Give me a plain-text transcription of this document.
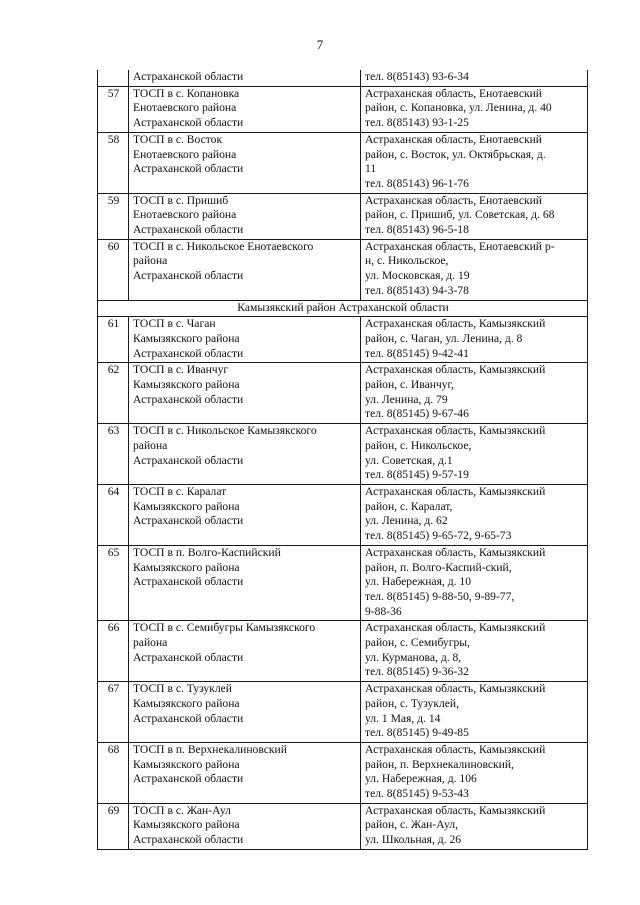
7

	Астраханской области	тел. 8(85143) 93-6-34

57	ТОСП в с. Копановка
Енотаевского района
Астраханской области	Астраханская область, Енотаевский
район, с. Копановка, ул. Ленина, д. 40
тел. 8(85143) 93-1-25

58	ТОСП в с. Восток
Енотаевского района
Астраханской области	Астраханская область, Енотаевский
район, с. Восток, ул. Октябрьская, д.
11
тел. 8(85143) 96-1-76

59	ТОСП в с. Пришиб
Енотаевского района
Астраханской области	Астраханская область, Енотаевский
район, с. Пришиб, ул. Советская, д. 68
тел. 8(85143) 96-5-18

60	ТОСП в с. Никольское Енотаевского
района
Астраханской области	Астраханская область, Енотаевский р-
н, с. Никольское,
ул. Московская, д. 19
тел. 8(85143) 94-3-78

Камызякский район Астраханской области		
61	ТОСП в с. Чаган
Камызякского района
Астраханской области	Астраханская область, Камызякский
район, с. Чаган, ул. Ленина, д. 8
тел. 8(85145) 9-42-41

62	ТОСП в с. Иванчуг
Камызякского района
Астраханской области	Астраханская область, Камызякский
район, с. Иванчуг,
ул. Ленина, д. 79
тел. 8(85145) 9-67-46

63	ТОСП в с. Никольское Камызякского
района
Астраханской области	Астраханская область, Камызякский
район, с. Никольское,
ул. Советская, д.1
тел. 8(85145) 9-57-19

64	ТОСП в с. Каралат
Камызякского района
Астраханской области	Астраханская область, Камызякский
район, с. Каралат,
ул. Ленина, д. 62
тел. 8(85145) 9-65-72, 9-65-73

65	ТОСП в п. Волго-Каспийский
Камызякского района
Астраханской области	Астраханская область, Камызякский
район, п. Волго-Каспий-ский,
ул. Набережная, д. 10
тел. 8(85145) 9-88-50, 9-89-77,
9-88-36

66	ТОСП в с. Семибугры Камызякского
района
Астраханской области	Астраханская область, Камызякский
район, с. Семибугры,
ул. Курманова, д. 8,
тел. 8(85145) 9-36-32

67	ТОСП в с. Тузуклей
Камызякского района
Астраханской области	Астраханская область, Камызякский
район, с. Тузуклей,
ул. 1 Мая, д. 14
тел. 8(85145) 9-49-85

68	ТОСП в п. Верхнекалиновский
Камызякского района
Астраханской области	Астраханская область, Камызякский
район, п. Верхнекалиновский,
ул. Набережная, д. 106
тел. 8(85145) 9-53-43

69	ТОСП в с. Жан-Аул
Камызякского района
Астраханской области	Астраханская область, Камызякский
район, с. Жан-Аул,
ул. Школьная, д. 26
